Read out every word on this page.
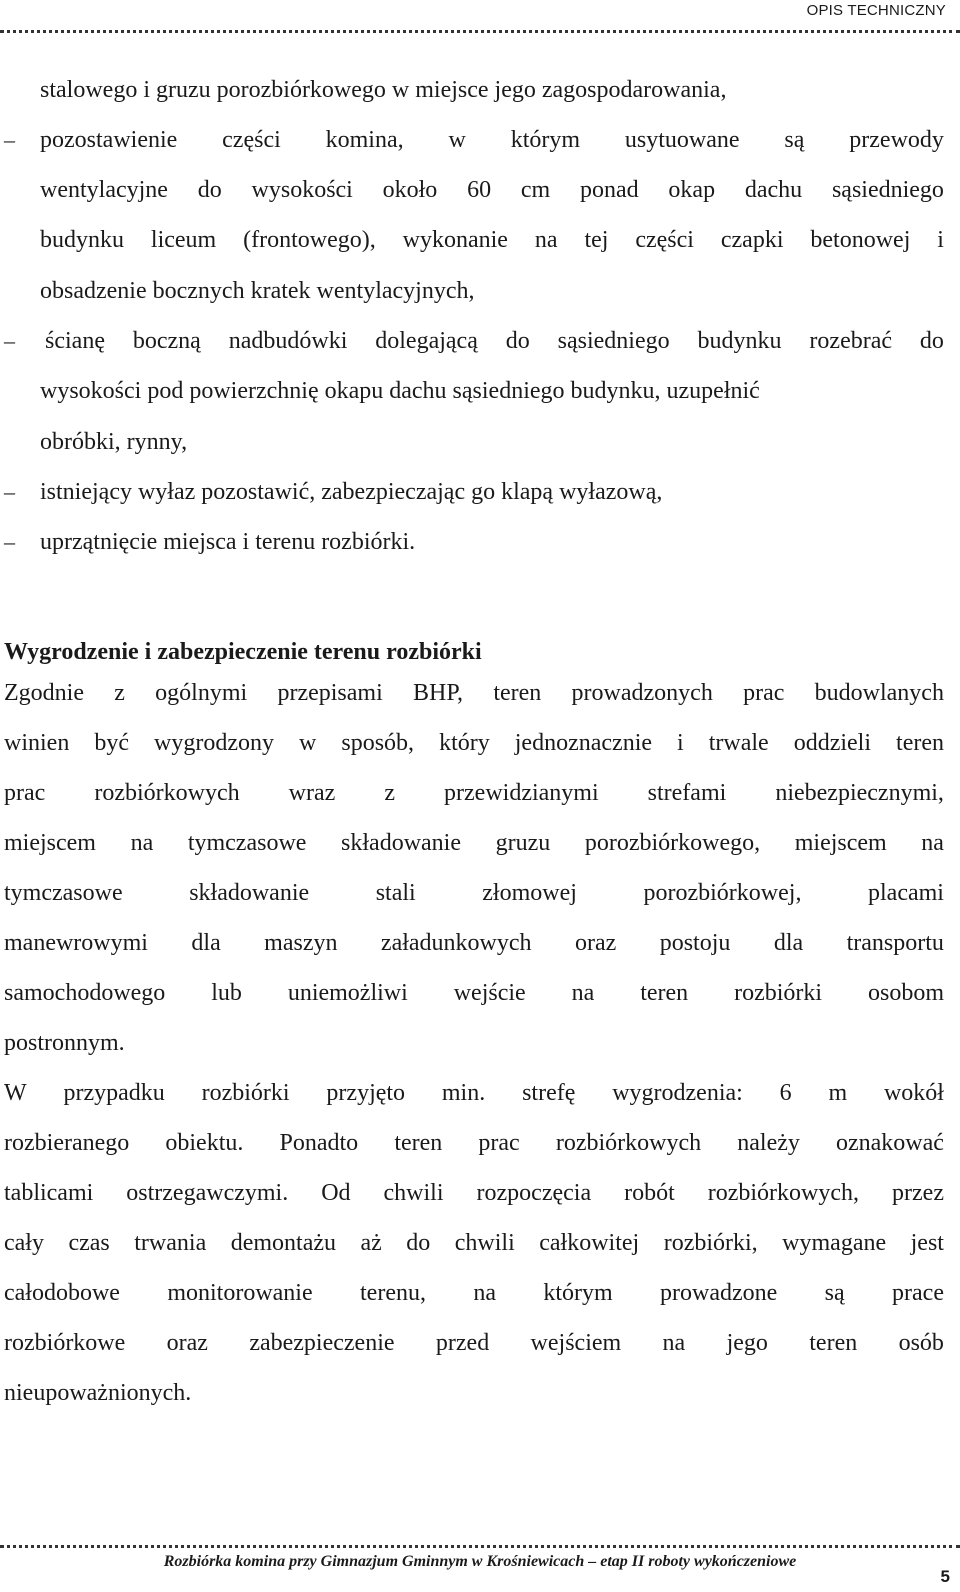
OPIS TECHNICZNY
stalowego i gruzu porozbiórkowego w miejsce jego zagospodarowania,
– pozostawienie części komina, w którym usytuowane są przewody
wentylacyjne do wysokości około 60 cm ponad okap dachu sąsiedniego
budynku liceum (frontowego), wykonanie na tej części czapki betonowej i
obsadzenie bocznych kratek wentylacyjnych,
– ścianę boczną nadbudówki dolegającą do sąsiedniego budynku rozebrać do
wysokości pod powierzchnię okapu dachu sąsiedniego budynku, uzupełnić
obróbki, rynny,
– istniejący wyłaz pozostawić, zabezpieczając go klapą wyłazową,
– uprzątnięcie miejsca i terenu rozbiórki.
Wygrodzenie i zabezpieczenie terenu rozbiórki
Zgodnie z ogólnymi przepisami BHP, teren prowadzonych prac budowlanych
winien być wygrodzony w sposób, który jednoznacznie i trwale oddzieli teren
prac rozbiórkowych wraz z przewidzianymi strefami niebezpiecznymi,
miejscem na tymczasowe składowanie gruzu porozbiórkowego, miejscem na
tymczasowe	składowanie	stali	złomowej	porozbiórkowej,	placami
manewrowymi dla maszyn załadunkowych oraz postoju dla transportu
samochodowego lub uniemożliwi wejście na teren rozbiórki osobom
postronnym.
W przypadku rozbiórki przyjęto min. strefę wygrodzenia: 6 m wokół
rozbieranego obiektu. Ponadto teren prac rozbiórkowych należy oznakować
tablicami ostrzegawczymi. Od chwili rozpoczęcia robót rozbiórkowych, przez
cały czas trwania demontażu aż do chwili całkowitej rozbiórki, wymagane jest
całodobowe monitorowanie terenu, na którym prowadzone są prace
rozbiórkowe oraz zabezpieczenie przed wejściem na jego teren osób
nieupoważnionych.
Rozbiórka komina przy Gimnazjum Gminnym w Krośniewicach – etap II roboty wykończeniowe
5
